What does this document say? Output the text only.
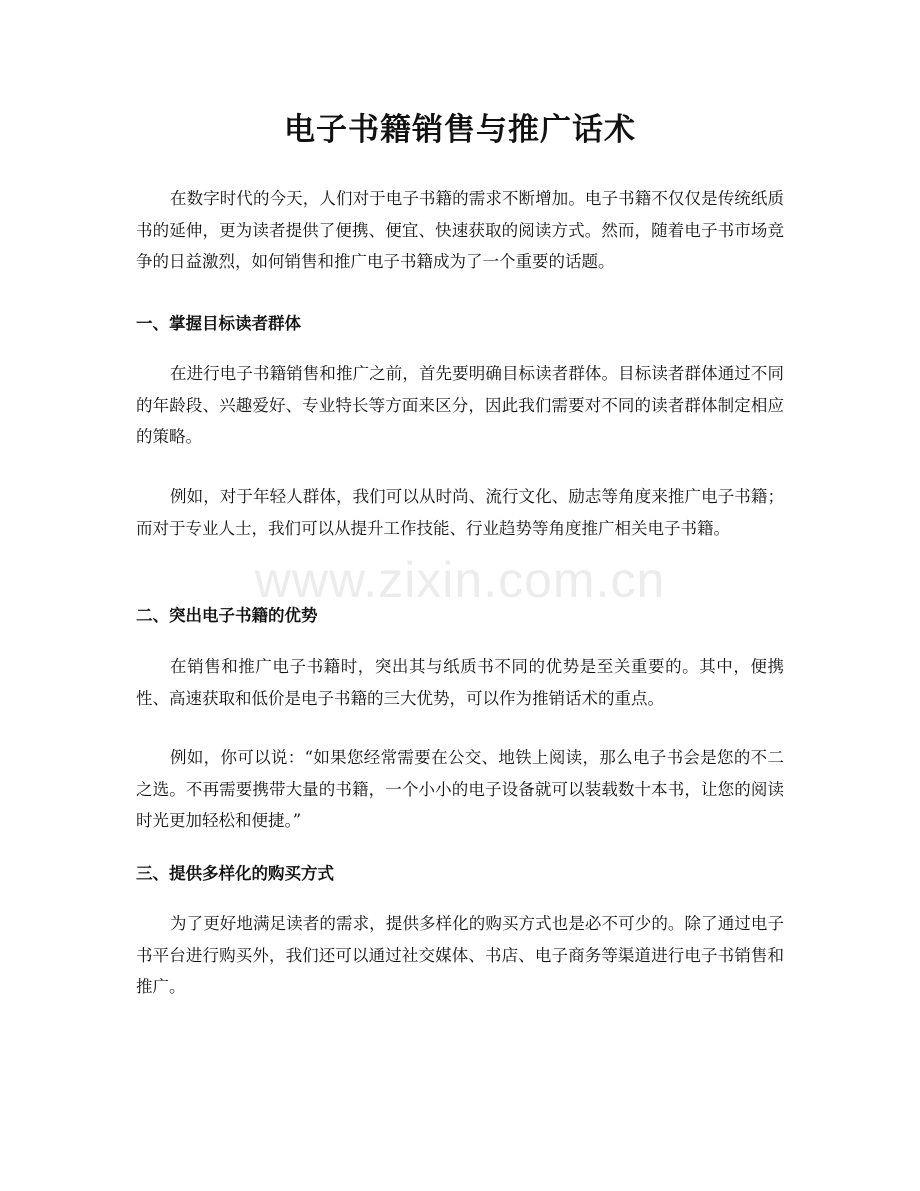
电子书籍销售与推广话术

在数字时代的今天，人们对于电子书籍的需求不断增加。电子书籍不仅仅是传统纸质书的延伸，更为读者提供了便携、便宜、快速获取的阅读方式。然而，随着电子书市场竞争的日益激烈，如何销售和推广电子书籍成为了一个重要的话题。

一、掌握目标读者群体

在进行电子书籍销售和推广之前，首先要明确目标读者群体。目标读者群体通过不同的年龄段、兴趣爱好、专业特长等方面来区分，因此我们需要对不同的读者群体制定相应的策略。

例如，对于年轻人群体，我们可以从时尚、流行文化、励志等角度来推广电子书籍；而对于专业人士，我们可以从提升工作技能、行业趋势等角度推广相关电子书籍。

二、突出电子书籍的优势

在销售和推广电子书籍时，突出其与纸质书不同的优势是至关重要的。其中，便携性、高速获取和低价是电子书籍的三大优势，可以作为推销话术的重点。

例如，你可以说：“如果您经常需要在公交、地铁上阅读，那么电子书会是您的不二之选。不再需要携带大量的书籍，一个小小的电子设备就可以装载数十本书，让您的阅读时光更加轻松和便捷。”

三、提供多样化的购买方式

为了更好地满足读者的需求，提供多样化的购买方式也是必不可少的。除了通过电子书平台进行购买外，我们还可以通过社交媒体、书店、电子商务等渠道进行电子书销售和推广。

www.zixin.com.cn
